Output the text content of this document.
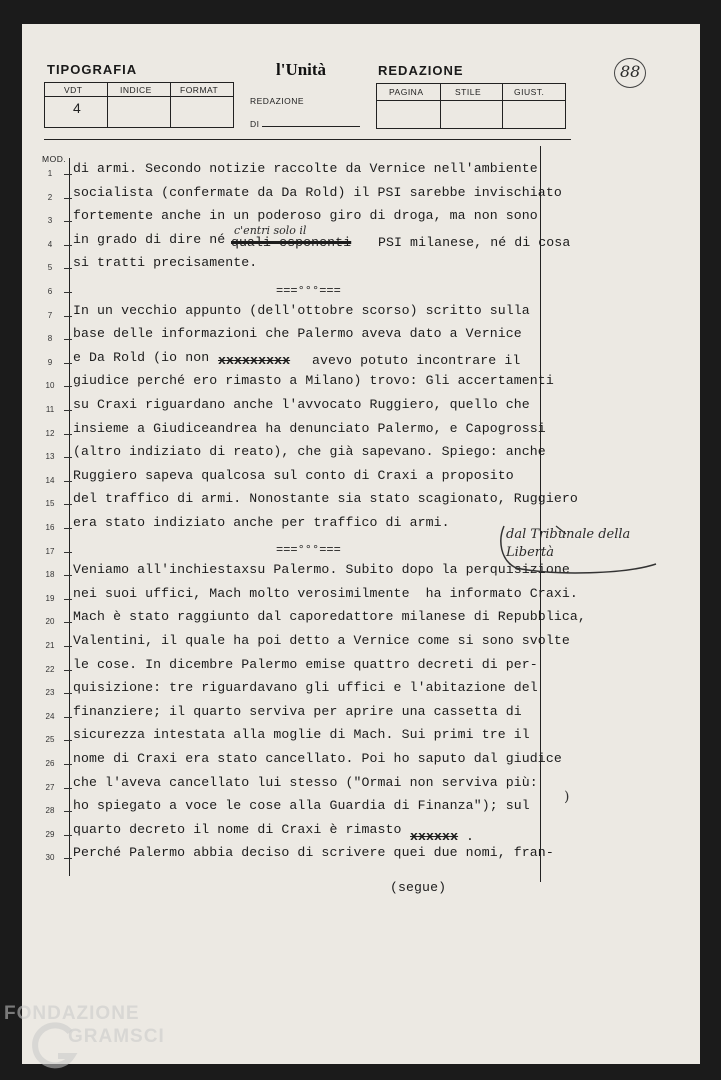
TIPOGRAFIA	l'Unità	REDAZIONE
REDAZIONE
DI
VDT	INDICE	FORMAT
4
PAGINA	STILE	GIUST.
88
MOD.
1	di armi. Secondo notizie raccolte da Vernice nell'ambiente
2	socialista (confermate da Da Rold) il PSI sarebbe invischiato
3	fortemente anche in un poderoso giro di droga, ma non sono
4	in grado di dire né
5	si tratti precisamente.
6
7	In un vecchio appunto (dell'ottobre scorso) scritto sulla
8	base delle informazioni che Palermo aveva dato a Vernice
9	e Da Rold (io non
10	giudice perché ero rimasto a Milano) trovo: Gli accertamenti
11	su Craxi riguardano anche l'avvocato Ruggiero, quello che
12	insieme a Giudiceandrea ha denunciato Palermo, e Capogrossi
13	(altro indiziato di reato), che già sapevano. Spiego: anche
14	Ruggiero sapeva qualcosa sul conto di Craxi a proposito
15	del traffico di armi. Nonostante sia stato scagionato, Ruggiero
16	era stato indiziato anche per traffico di armi.
17
18	Veniamo all'inchiestaxsu Palermo. Subito dopo la perquisizione
19	nei suoi uffici, Mach molto verosimilmente  ha informato Craxi.
20	Mach è stato raggiunto dal caporedattore milanese di Repubblica,
21	Valentini, il quale ha poi detto a Vernice come si sono svolte
22	le cose. In dicembre Palermo emise quattro decreti di per-
23	quisizione: tre riguardavano gli uffici e l'abitazione del
24	finanziere; il quarto serviva per aprire una cassetta di
25	sicurezza intestata alla moglie di Mach. Sui primi tre il
26	nome di Craxi era stato cancellato. Poi ho saputo dal giudice
27	che l'aveva cancellato lui stesso ("Ormai non serviva più:
28	ho spiegato a voce le cose alla Guardia di Finanza"); sul
29	quarto decreto il nome di Craxi è rimasto
30	Perché Palermo abbia deciso di scrivere quei due nomi, fran-
===°°°===
===°°°===
c'entri solo il
quali esponenti PSI milanese, né di cosa
xxxxxxxxx avevo potuto incontrare il
xxxxxx .
dal Tribunale della Libertà
)
(segue)
FONDAZIONE
GRAMSCI
